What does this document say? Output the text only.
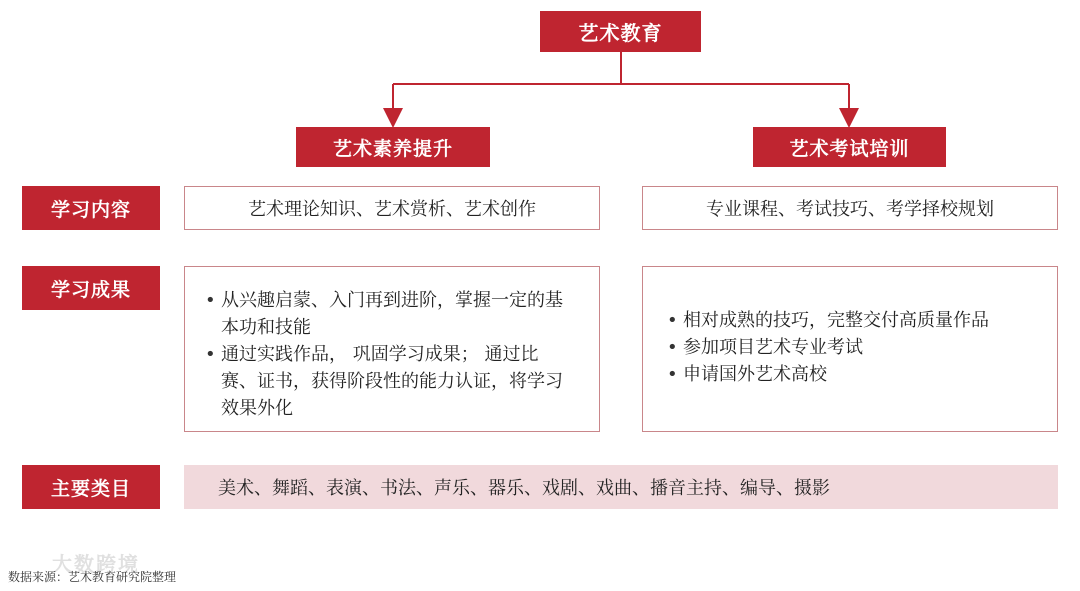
艺术教育
艺术素养提升	艺术考试培训
学习内容
学习成果
主要类目
艺术理论知识、艺术赏析、艺术创作	专业课程、考试技巧、考学择校规划
• 从兴趣启蒙、入门再到进阶，掌握一定的基本功和技能
• 通过实践作品， 巩固学习成果； 通过比赛、证书，获得阶段性的能力认证，将学习效果外化
• 相对成熟的技巧，完整交付高质量作品
• 参加项目艺术专业考试
• 申请国外艺术高校
美术、舞蹈、表演、书法、声乐、器乐、戏剧、戏曲、播音主持、编导、摄影
大数跨境
数据来源：艺术教育研究院整理
